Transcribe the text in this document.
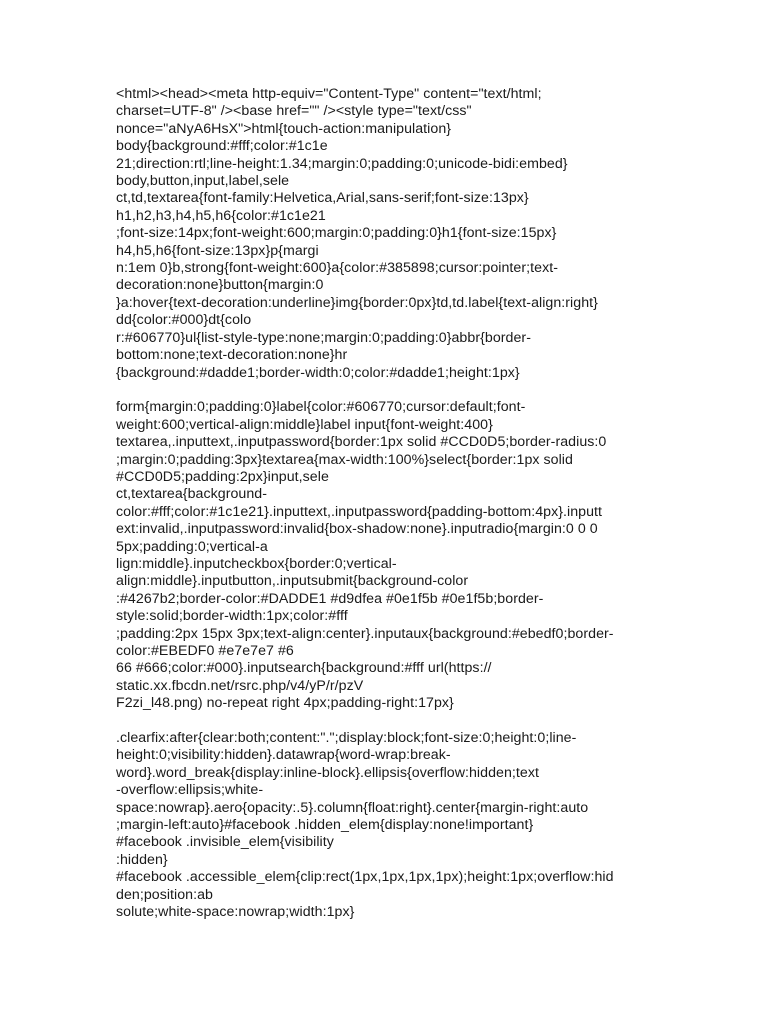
<html><head><meta http-equiv="Content-Type" content="text/html;
charset=UTF-8" /><base href="" /><style type="text/css"
nonce="aNyA6HsX">html{touch-action:manipulation}
body{background:#fff;color:#1c1e
21;direction:rtl;line-height:1.34;margin:0;padding:0;unicode-bidi:embed}
body,button,input,label,sele
ct,td,textarea{font-family:Helvetica,Arial,sans-serif;font-size:13px}
h1,h2,h3,h4,h5,h6{color:#1c1e21
;font-size:14px;font-weight:600;margin:0;padding:0}h1{font-size:15px}
h4,h5,h6{font-size:13px}p{margi
n:1em 0}b,strong{font-weight:600}a{color:#385898;cursor:pointer;text-
decoration:none}button{margin:0
}a:hover{text-decoration:underline}img{border:0px}td,td.label{text-align:right}
dd{color:#000}dt{colo
r:#606770}ul{list-style-type:none;margin:0;padding:0}abbr{border-
bottom:none;text-decoration:none}hr
{background:#dadde1;border-width:0;color:#dadde1;height:1px}
form{margin:0;padding:0}label{color:#606770;cursor:default;font-
weight:600;vertical-align:middle}label input{font-weight:400}
textarea,.inputtext,.inputpassword{border:1px solid #CCD0D5;border-radius:0
;margin:0;padding:3px}textarea{max-width:100%}select{border:1px solid
#CCD0D5;padding:2px}input,sele
ct,textarea{background-
color:#fff;color:#1c1e21}.inputtext,.inputpassword{padding-bottom:4px}.inputt
ext:invalid,.inputpassword:invalid{box-shadow:none}.inputradio{margin:0 0 0
5px;padding:0;vertical-a
lign:middle}.inputcheckbox{border:0;vertical-
align:middle}.inputbutton,.inputsubmit{background-color
:#4267b2;border-color:#DADDE1 #d9dfea #0e1f5b #0e1f5b;border-
style:solid;border-width:1px;color:#fff
;padding:2px 15px 3px;text-align:center}.inputaux{background:#ebedf0;border-
color:#EBEDF0 #e7e7e7 #6
66 #666;color:#000}.inputsearch{background:#fff url(https://
static.xx.fbcdn.net/rsrc.php/v4/yP/r/pzV
F2zi_l48.png) no-repeat right 4px;padding-right:17px}
.clearfix:after{clear:both;content:".";display:block;font-size:0;height:0;line-
height:0;visibility:hidden}.datawrap{word-wrap:break-
word}.word_break{display:inline-block}.ellipsis{overflow:hidden;text
-overflow:ellipsis;white-
space:nowrap}.aero{opacity:.5}.column{float:right}.center{margin-right:auto
;margin-left:auto}#facebook .hidden_elem{display:none!important}
#facebook .invisible_elem{visibility
:hidden}
#facebook .accessible_elem{clip:rect(1px,1px,1px,1px);height:1px;overflow:hid
den;position:ab
solute;white-space:nowrap;width:1px}
